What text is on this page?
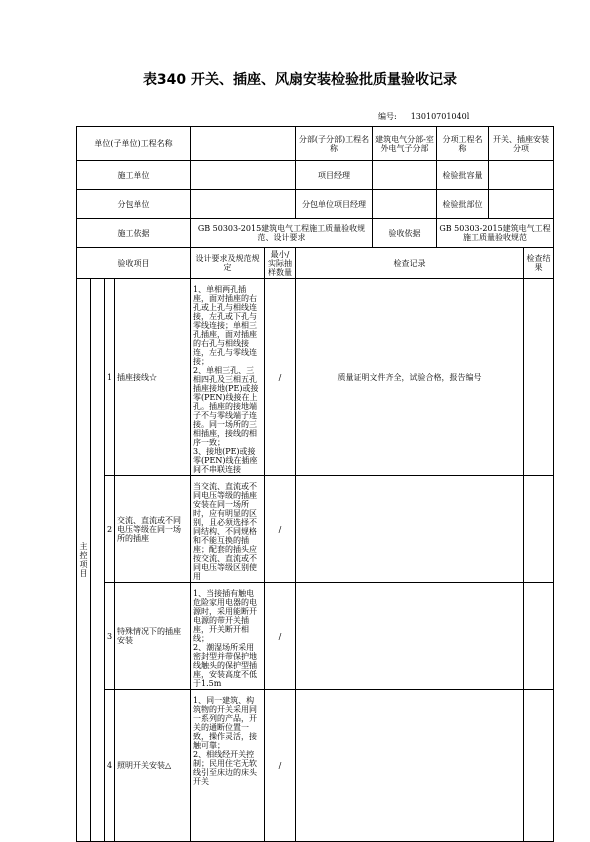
表340 开关、插座、风扇安装检验批质量验收记录
编号: 13010701040l
单位(子单位)工程名称						分部(子分部)工程名称	建筑电气分部-室外电气子分部	分项工程名称	开关、插座安装分项	
施工单位						项目经理		检验批容量		
分包单位						分包单位项目经理		检验批部位		
施工依据				GB 50303-2015建筑电气工程施工质量验收规范、设计要求			验收依据	GB 50303-2015建筑电气工程施工质量验收规范		
验收项目				设计要求及规范规定	最小/实际抽样数量	检查记录				检查结果
主控项目		1	插座接线☆	1、单相两孔插座，面对插座的右孔或上孔与相线连接，左孔或下孔与零线连接；单相三孔插座，面对插座的右孔与相线接连，左孔与零线连接；
2、单相三孔、三相四孔及三相五孔插座接地(PE)或接零(PEN)线接在上孔。插座的接地端子不与零线端子连接。同一场所的三相插座，接线的相序一致；
3、接地(PE)或接零(PEN)线在插座间不串联连接	/	质量证明文件齐全，试验合格，报告编号				
		2	交流、直流或不同电压等级在同一场所的插座	当交流、直流或不同电压等级的插座安装在同一场所时，应有明显的区别，且必须选择不同结构、不同规格和不能互换的插座；配套的插头应按交流、直流或不同电压等级区别使用	/					
		3	特殊情况下的插座安装	1、当接插有触电危险家用电器的电源时，采用能断开电源的带开关插座，开关断开相线；
2、潮湿场所采用密封型并带保护地线触头的保护型插座，安装高度不低于1.5m	/					
		4	照明开关安装△	1、同一建筑、构筑物的开关采用同一系列的产品，开关的通断位置一致，操作灵活，接触可靠；
2、相线经开关控制；民用住宅无软线引至床边的床头开关	/					
